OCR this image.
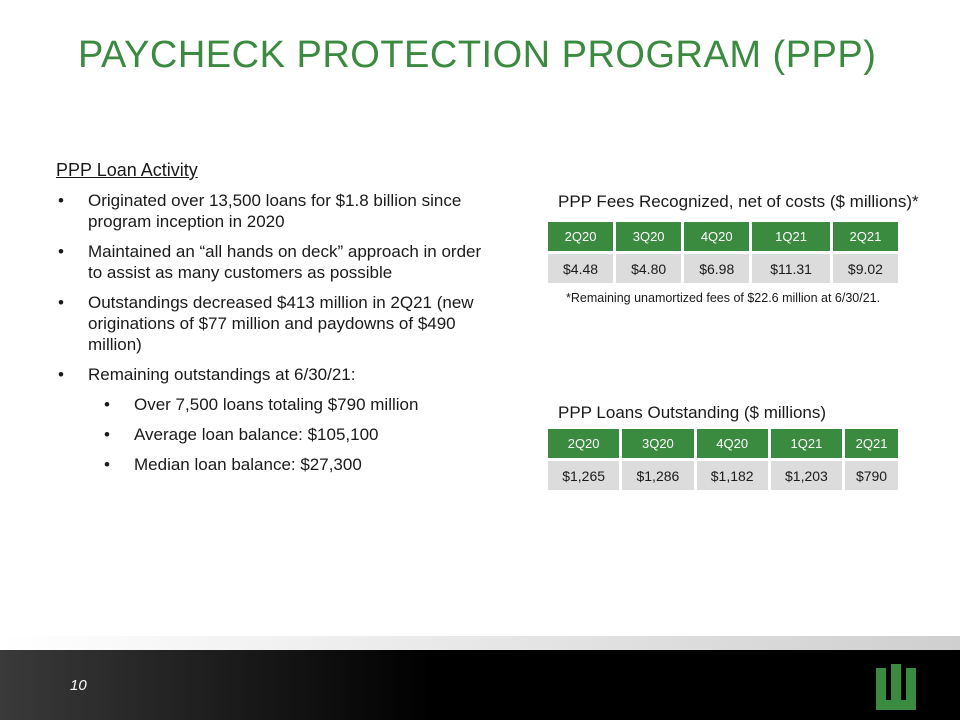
PAYCHECK PROTECTION PROGRAM (PPP)
PPP Loan Activity
• Originated over 13,500 loans for $1.8 billion since program inception in 2020
• Maintained an “all hands on deck” approach in order to assist as many customers as possible
• Outstandings decreased $413 million in 2Q21 (new originations of $77 million and paydowns of $490 million)
• Remaining outstandings at 6/30/21:
• Over 7,500 loans totaling $790 million
• Average loan balance: $105,100
• Median loan balance: $27,300
PPP Fees Recognized, net of costs ($ millions)*
2Q20	3Q20	4Q20	1Q21	2Q21
$4.48	$4.80	$6.98	$11.31	$9.02
*Remaining unamortized fees of $22.6 million at 6/30/21.
PPP Loans Outstanding ($ millions)
2Q20	3Q20	4Q20	1Q21	2Q21
$1,265	$1,286	$1,182	$1,203	$790
10
